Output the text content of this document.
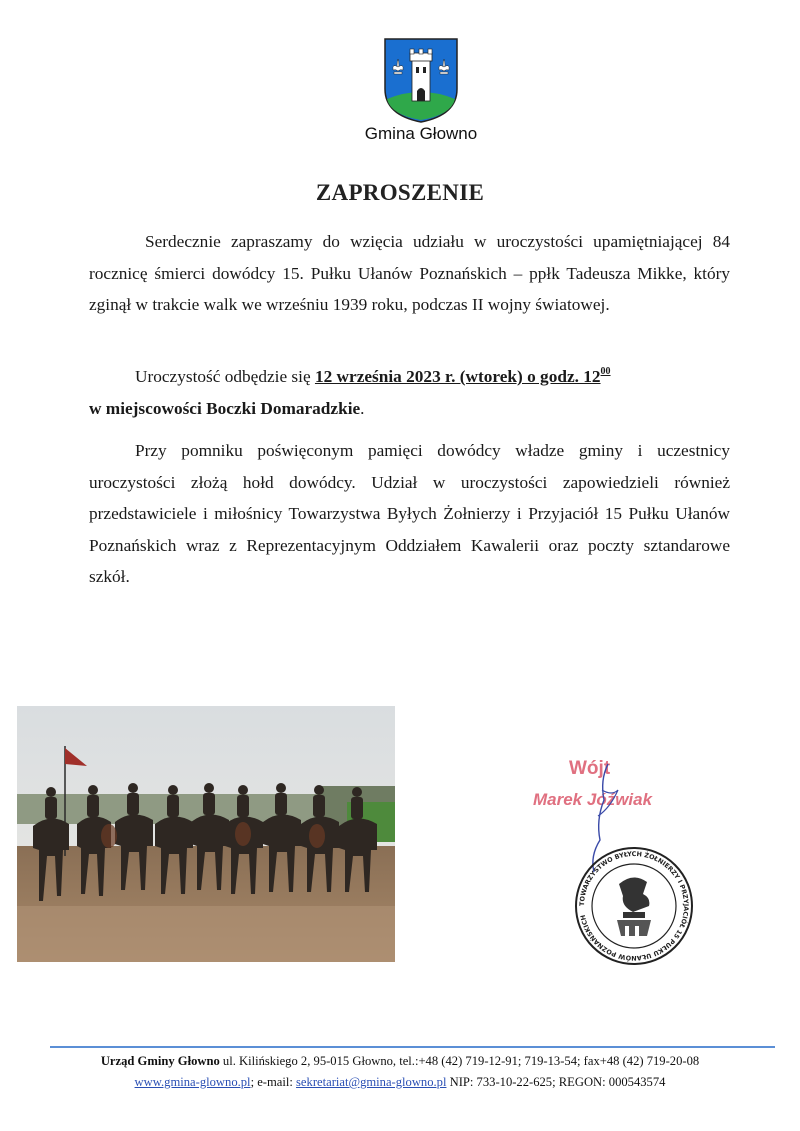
Gmina Głowno
ZAPROSZENIE
Serdecznie zapraszamy do wzięcia udziału w uroczystości upamiętniającej 84 rocznicę śmierci dowódcy 15. Pułku Ułanów Poznańskich – ppłk Tadeusza Mikke, który zginął w trakcie walk we wrześniu 1939 roku, podczas II wojny światowej.
Uroczystość odbędzie się 12 września 2023 r. (wtorek) o godz. $12^{00}$
w miejscowości Boczki Domaradzkie.
Przy pomniku poświęconym pamięci dowódcy władze gminy i uczestnicy uroczystości złożą hołd dowódcy. Udział w uroczystości zapowiedzieli również przedstawiciele i miłośnicy Towarzystwa Byłych Żołnierzy i Przyjaciół 15 Pułku Ułanów Poznańskich wraz z Reprezentacyjnym Oddziałem Kawalerii oraz poczty sztandarowe szkół.
Wójt
Marek Jóźwiak
TOWARZYSTWO BYŁYCH ŻOŁNIERZY I PRZYJACIÓŁ 15 PUŁKU UŁANÓW POZNAŃSKICH
Urząd Gminy Głowno ul. Kilińskiego 2, 95-015 Głowno, tel.:+48 (42) 719-12-91; 719-13-54; fax+48 (42) 719-20-08
www.gmina-glowno.pl; e-mail: sekretariat@gmina-glowno.pl NIP: 733-10-22-625; REGON: 000543574
